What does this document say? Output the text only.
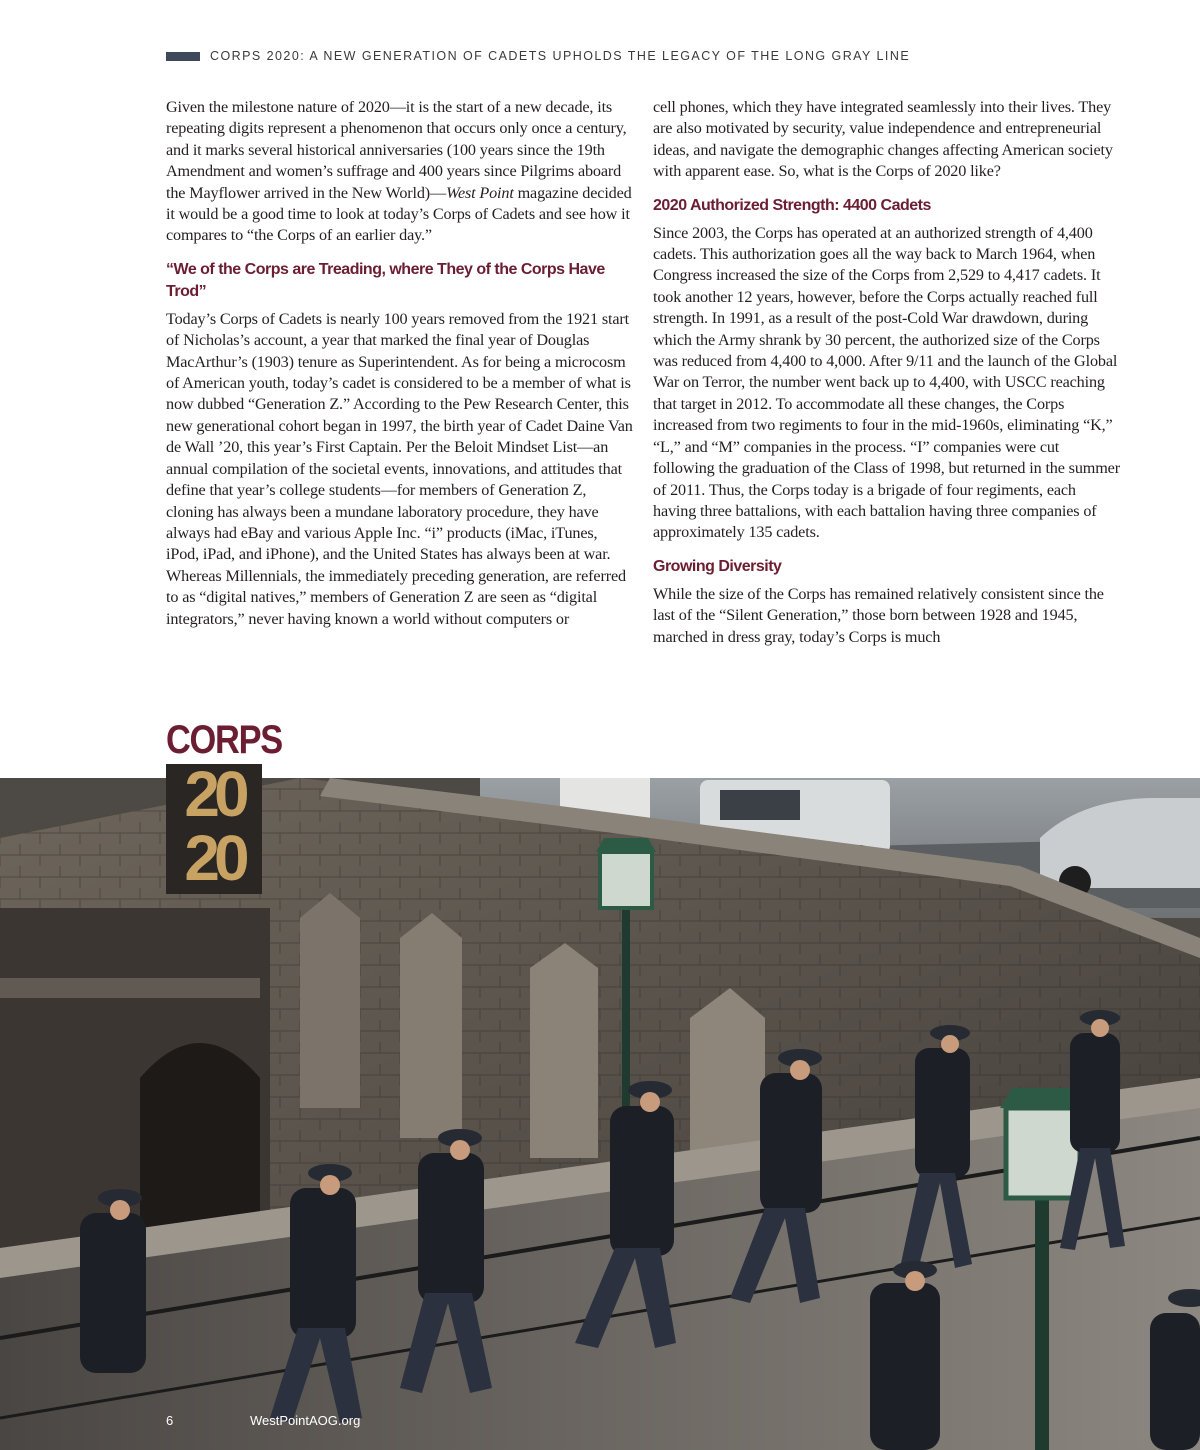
CORPS 2020: A NEW GENERATION OF CADETS UPHOLDS THE LEGACY OF THE LONG GRAY LINE

Given the milestone nature of 2020—it is the start of a new decade, its repeating digits represent a phenomenon that occurs only once a century, and it marks several historical anniversaries (100 years since the 19th Amendment and women’s suffrage and 400 years since Pilgrims aboard the Mayflower arrived in the New World)—West Point magazine decided it would be a good time to look at today’s Corps of Cadets and see how it compares to “the Corps of an earlier day.”

“We of the Corps are Treading, where They of the Corps Have Trod”

Today’s Corps of Cadets is nearly 100 years removed from the 1921 start of Nicholas’s account, a year that marked the final year of Douglas MacArthur’s (1903) tenure as Superintendent. As for being a microcosm of American youth, today’s cadet is considered to be a member of what is now dubbed “Generation Z.” According to the Pew Research Center, this new generational cohort began in 1997, the birth year of Cadet Daine Van de Wall ’20, this year’s First Captain. Per the Beloit Mindset List—an annual compilation of the societal events, innovations, and attitudes that define that year’s college students—for members of Generation Z, cloning has always been a mundane laboratory procedure, they have always had eBay and various Apple Inc. “i” products (iMac, iTunes, iPod, iPad, and iPhone), and the United States has always been at war. Whereas Millennials, the immediately preceding generation, are referred to as “digital natives,” members of Generation Z are seen as “digital integrators,” never having known a world without computers or

cell phones, which they have integrated seamlessly into their lives. They are also motivated by security, value independence and entrepreneurial ideas, and navigate the demographic changes affecting American society with apparent ease. So, what is the Corps of 2020 like?

2020 Authorized Strength: 4400 Cadets

Since 2003, the Corps has operated at an authorized strength of 4,400 cadets. This authorization goes all the way back to March 1964, when Congress increased the size of the Corps from 2,529 to 4,417 cadets. It took another 12 years, however, before the Corps actually reached full strength. In 1991, as a result of the post-Cold War drawdown, during which the Army shrank by 30 percent, the authorized size of the Corps was reduced from 4,400 to 4,000. After 9/11 and the launch of the Global War on Terror, the number went back up to 4,400, with USCC reaching that target in 2012. To accommodate all these changes, the Corps increased from two regiments to four in the mid-1960s, eliminating “K,” “L,” and “M” companies in the process. “I” companies were cut following the graduation of the Class of 1998, but returned in the summer of 2011. Thus, the Corps today is a brigade of four regiments, each having three battalions, with each battalion having three companies of approximately 135 cadets.

Growing Diversity

While the size of the Corps has remained relatively consistent since the last of the “Silent Generation,” those born between 1928 and 1945, marched in dress gray, today’s Corps is much

CORPS
20
20
6	WestPointAOG.org
